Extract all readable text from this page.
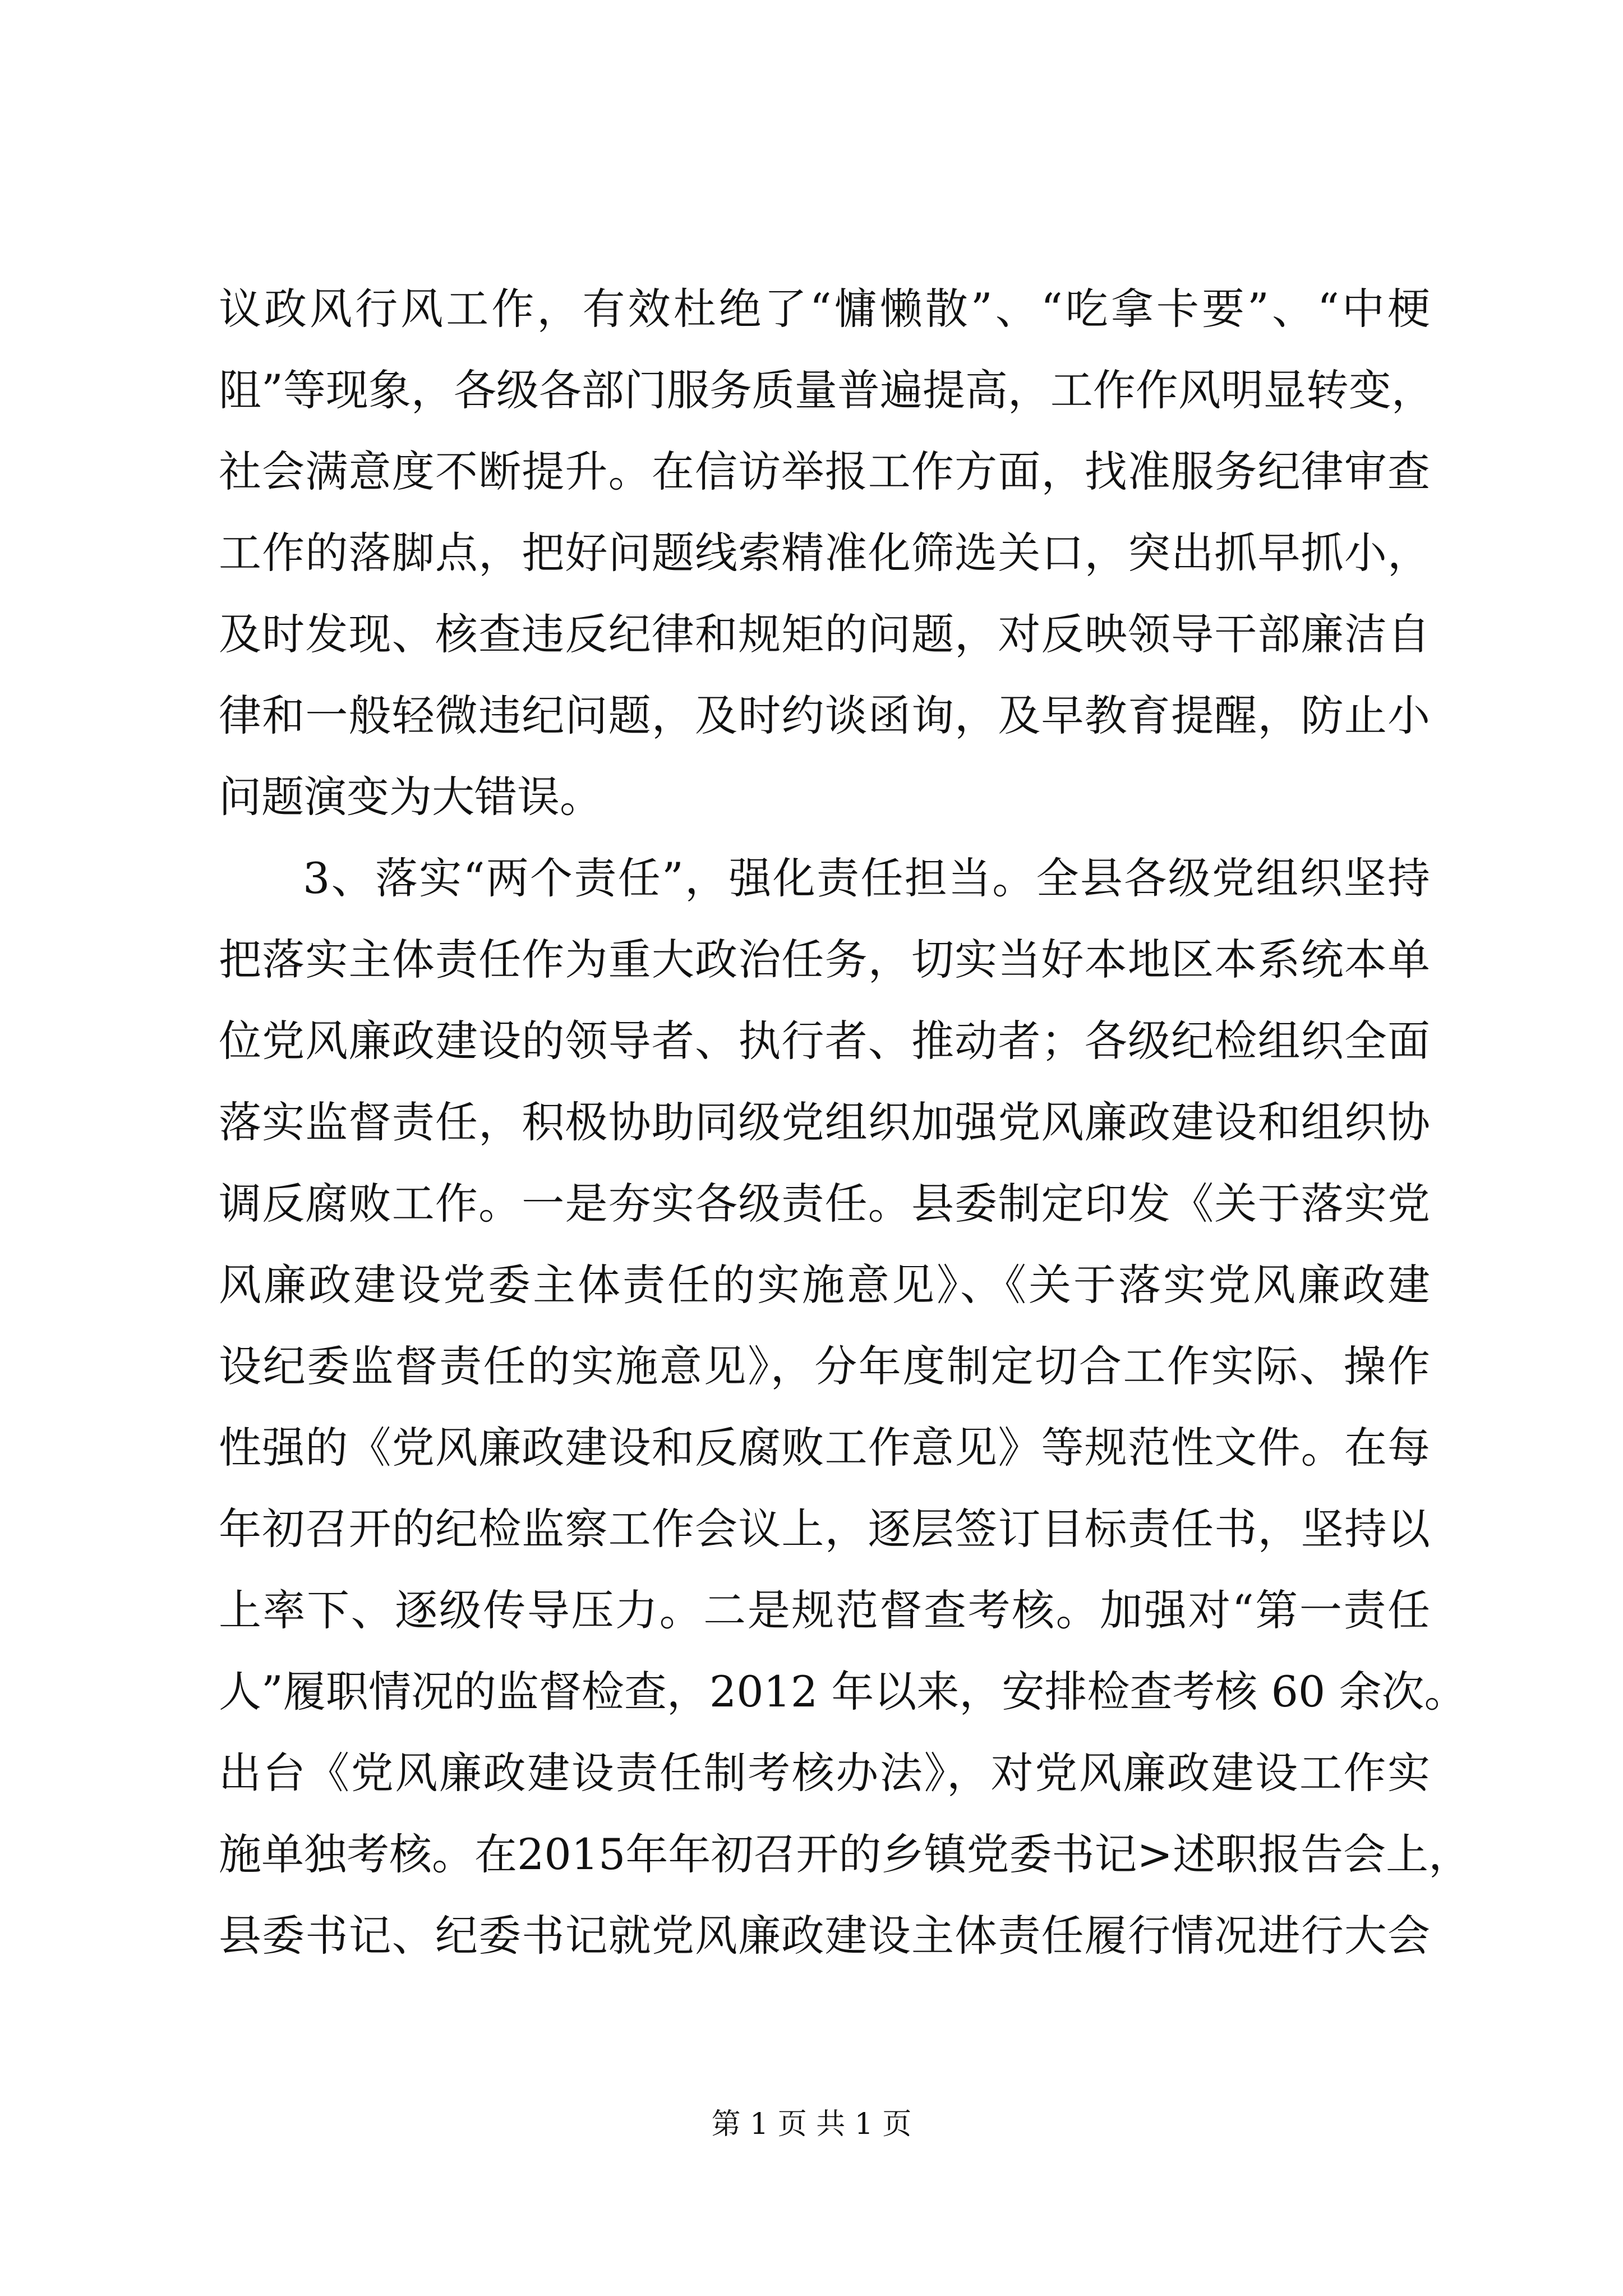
议政风行风工作，有效杜绝了“慵懒散”、“吃拿卡要”、“中梗
阻”等现象，各级各部门服务质量普遍提高，工作作风明显转变，
社会满意度不断提升。在信访举报工作方面，找准服务纪律审查
工作的落脚点，把好问题线索精准化筛选关口，突出抓早抓小，
及时发现、核查违反纪律和规矩的问题，对反映领导干部廉洁自
律和一般轻微违纪问题，及时约谈函询，及早教育提醒，防止小
问题演变为大错误。
3、落实“两个责任”，强化责任担当。全县各级党组织坚持
把落实主体责任作为重大政治任务，切实当好本地区本系统本单
位党风廉政建设的领导者、执行者、推动者；各级纪检组织全面
落实监督责任，积极协助同级党组织加强党风廉政建设和组织协
调反腐败工作。一是夯实各级责任。县委制定印发《关于落实党
风廉政建设党委主体责任的实施意见》、《关于落实党风廉政建
设纪委监督责任的实施意见》，分年度制定切合工作实际、操作
性强的《党风廉政建设和反腐败工作意见》等规范性文件。在每
年初召开的纪检监察工作会议上，逐层签订目标责任书，坚持以
上率下、逐级传导压力。二是规范督查考核。加强对“第一责任
人”履职情况的监督检查，2012 年以来，安排检查考核 60 余次。
出台《党风廉政建设责任制考核办法》，对党风廉政建设工作实
施单独考核。在2015年年初召开的乡镇党委书记>述职报告会上，
县委书记、纪委书记就党风廉政建设主体责任履行情况进行大会
第 1 页 共 1 页
